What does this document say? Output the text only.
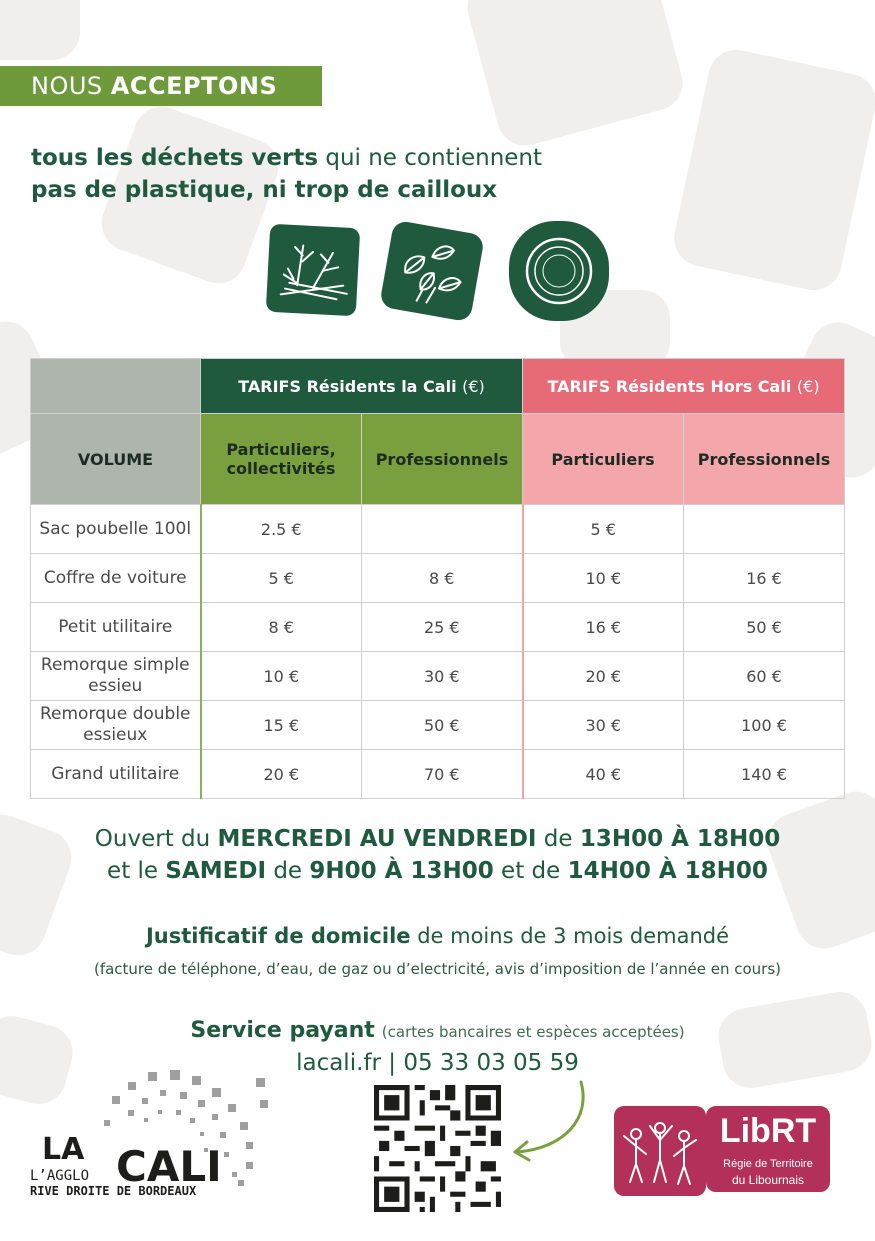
NOUS ACCEPTONS
tous les déchets verts qui ne contiennent
pas de plastique, ni trop de cailloux
	TARIFS Résidents la Cali (€)		TARIFS Résidents Hors Cali (€)	
VOLUME	Particuliers, collectivités	Professionnels	Particuliers	Professionnels
Sac poubelle 100l	2.5 €		5 €	
Coffre de voiture	5 €	8 €	10 €	16 €
Petit utilitaire	8 €	25 €	16 €	50 €
Remorque simple essieu	10 €	30 €	20 €	60 €
Remorque double essieux	15 €	50 €	30 €	100 €
Grand utilitaire	20 €	70 €	40 €	140 €
Ouvert du MERCREDI AU VENDREDI de 13H00 À 18H00
et le SAMEDI de 9H00 À 13H00 et de 14H00 À 18H00
Justificatif de domicile de moins de 3 mois demandé
(facture de téléphone, d’eau, de gaz ou d’electricité, avis d’imposition de l’année en cours)
Service payant (cartes bancaires et espèces acceptées)
lacali.fr | 05 33 03 05 59
LA CALI
L’AGGLO
RIVE DROITE DE BORDEAUX
LibRT
Régie de Territoire
du Libournais
